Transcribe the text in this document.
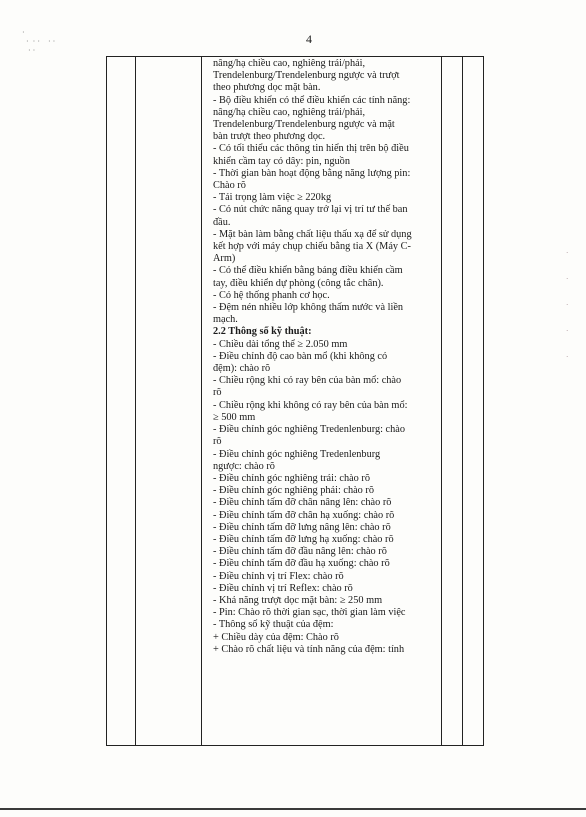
·
·  · ·    · ·
· ·
·
·
·
·
·
4
nâng/hạ chiều cao, nghiêng trái/phải,
Trendelenburg/Trendelenburg ngược và trượt
theo phương dọc mặt bàn.
- Bộ điều khiển có thể điều khiển các tính năng:
nâng/hạ chiều cao, nghiêng trái/phải,
Trendelenburg/Trendelenburg ngược và mặt
bàn trượt theo phương dọc.
- Có tối thiểu các thông tin hiển thị trên bộ điều
khiển cầm tay có dây: pin, nguồn
- Thời gian bàn hoạt động bằng năng lượng pin:
Chào rõ
- Tải trọng làm việc ≥ 220kg
- Có nút chức năng quay trở lại vị trí tư thế ban
đầu.
- Mặt bàn làm bằng chất liệu thấu xạ để sử dụng
kết hợp với máy chụp chiếu bằng tia X (Máy C-
Arm)
- Có thể điều khiển bằng bảng điều khiển cầm
tay, điều khiển dự phòng (công tắc chân).
- Có hệ thống phanh cơ học.
- Đệm nén nhiều lớp không thấm nước và liền
mạch.
2.2 Thông số kỹ thuật:
- Chiều dài tổng thể ≥ 2.050 mm
- Điều chỉnh độ cao bàn mổ (khi không có
đệm): chào rõ
- Chiều rộng khi có ray bên của bàn mổ: chào
rõ
- Chiều rộng khi không có ray bên của bàn mổ:
≥ 500 mm
- Điều chỉnh góc nghiêng Tredenlenburg: chào
rõ
- Điều chỉnh góc nghiêng Tredenlenburg
ngược: chào rõ
- Điều chỉnh góc nghiêng trái: chào rõ
- Điều chỉnh góc nghiêng phải: chào rõ
- Điều chỉnh tấm đỡ chân nâng lên: chào rõ
- Điều chỉnh tấm đỡ chân hạ xuống: chào rõ
- Điều chỉnh tấm đỡ lưng nâng lên: chào rõ
- Điều chỉnh tấm đỡ lưng hạ xuống: chào rõ
- Điều chỉnh tấm đỡ đầu nâng lên: chào rõ
- Điều chỉnh tấm đỡ đầu hạ xuống: chào rõ
- Điều chỉnh vị trí Flex: chào rõ
- Điều chỉnh vị trí Reflex: chào rõ
- Khả năng trượt dọc mặt bàn: ≥ 250 mm
- Pin: Chào rõ thời gian sạc, thời gian làm việc
- Thông số kỹ thuật của đệm:
+ Chiều dày của đệm: Chào rõ
+ Chào rõ chất liệu và tính năng của đệm: tính
